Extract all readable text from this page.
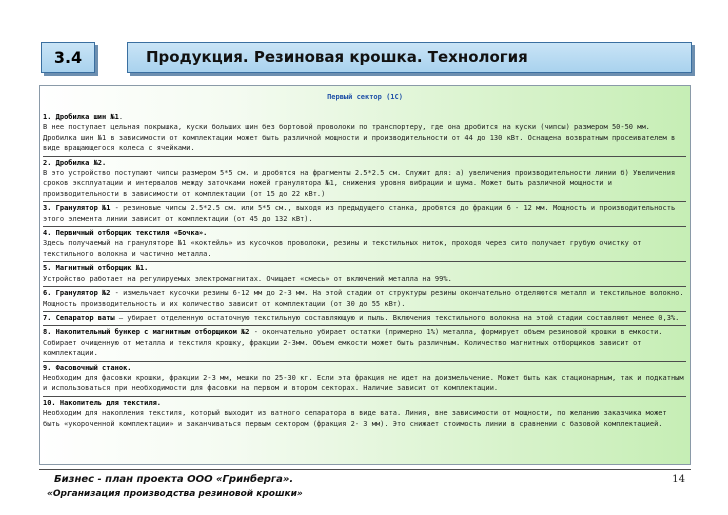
3.4	Продукция. Резиновая крошка. Технология
Первый сектор (1С)
1. Дробилка шин №1.
В нее поступает цельная покрышка, куски больших шин без бортовой проволоки по транспортеру, где она дробится на куски (чипсы) размером 50-50 мм. Дробилка шин №1 в зависимости от комплектации может быть различной мощности и производительности от 44 до 130 кВт. Оснащена возвратным просеивателем в виде вращающегося колеса с ячейками.
2. Дробилка №2.
В это устройство поступают чипсы размером 5*5 см. и дробятся на фрагменты 2.5*2.5 см. Служит для: а) увеличения производительности линии б) Увеличения сроков эксплуатации и интервалов между заточками ножей гранулятора №1, снижения уровня вибрации и шума. Может быть различной мощности и производительности в зависимости от комплектации (от 15 до 22 кВт.)
3. Гранулятор №1 - резиновые чипсы 2.5*2.5 см. или 5*5 см., выходя из предыдущего станка, дробятся до фракции 6 - 12 мм. Мощность и производительность этого элемента линии зависит от комплектации (от 45 до 132 кВт).
4. Первичный отборщик текстиля «Бочка».
Здесь получаемый на грануляторе №1 «коктейль» из кусочков проволоки, резины и текстильных ниток, проходя через сито получает грубую очистку от текстильного волокна и частично металла.
5. Магнитный отборщик №1.
Устройство работает на регулируемых электромагнитах. Очищает «смесь» от включений металла на 99%.
6. Гранулятор №2 - измельчает кусочки резины 6-12 мм до 2-3 мм. На этой стадии от структуры резины окончательно отделяются металл и текстильное волокно. Мощность производительность и их количество зависит от комплектации (от 30 до 55 кВт).
7. Сепаратор ваты – убирает отделенную остаточную текстильную составляющую и пыль. Включения текстильного волокна на этой стадии составляют менее 0,3%.
8. Накопительный бункер с магнитным отборщиком №2 - окончательно убирает остатки (примерно 1%) металла, формирует объем резиновой крошки в емкости. Собирает очищенную от металла и текстиля крошку, фракции 2-3мм. Объем емкости может быть различным. Количество магнитных отборщиков зависит от комплектации.
9. Фасовочный станок.
Необходим для фасовки крошки, фракции 2-3 мм, мешки по 25-30 кг. Если эта фракция не идет на доизмельчение. Может быть как стационарным, так и подкатным и использоваться при необходимости для фасовки на первом и втором секторах. Наличие зависит от комплектации.
10. Накопитель для текстиля.
Необходим для накопления текстиля, который выходит из ватного сепаратора в виде вата. Линия, вне зависимости от мощности, по желанию заказчика может быть «укороченной комплектации» и заканчиваться первым сектором (фракция 2- 3 мм). Это снижает стоимость линии в сравнении с базовой комплектацией.
Бизнес - план проекта ООО «Гринберга».
«Организация производства резиновой крошки»
14
